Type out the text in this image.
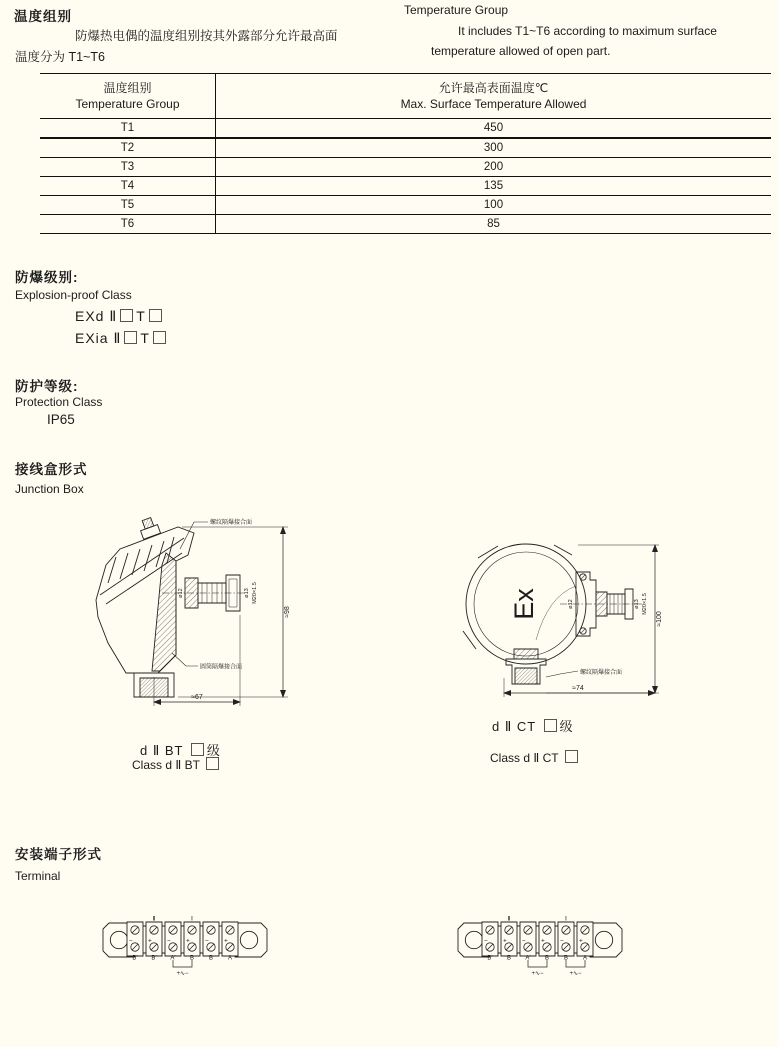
温度组别
防爆热电偶的温度组别按其外露部分允许最高面
温度分为 T1~T6
Temperature Group
It includes T1~T6 according to maximum surface
temperature allowed of open part.
温度组别
Temperature Group
允许最高表面温度℃
Max. Surface Temperature Allowed
T1	450
T2	300
T3	200
T4	135
T5	100
T6	85
防爆级别:
Explosion-proof Class
EXd Ⅱ T
EXia Ⅱ T
防护等级:
Protection Class
IP65
接线盒形式
Junction Box
螺纹隔爆接合面
圆筒隔爆接合面
⌀12	⌀13 M20×1.5
≈67
≈98	Ex
螺纹隔爆接合面
⌀12	⌀13 M20×1.5
≈74
≈100
d Ⅱ BT 级
Class d Ⅱ BT
d Ⅱ CT 级
Class d Ⅱ CT
安装端子形式
Terminal
Ⅱ	Ⅰ
− + − + − +
B′ B′ A′ B B A
+∿−
Ⅱ	Ⅰ
− + − + − +
B′ B A′ B B A
+∿−	+∿−
